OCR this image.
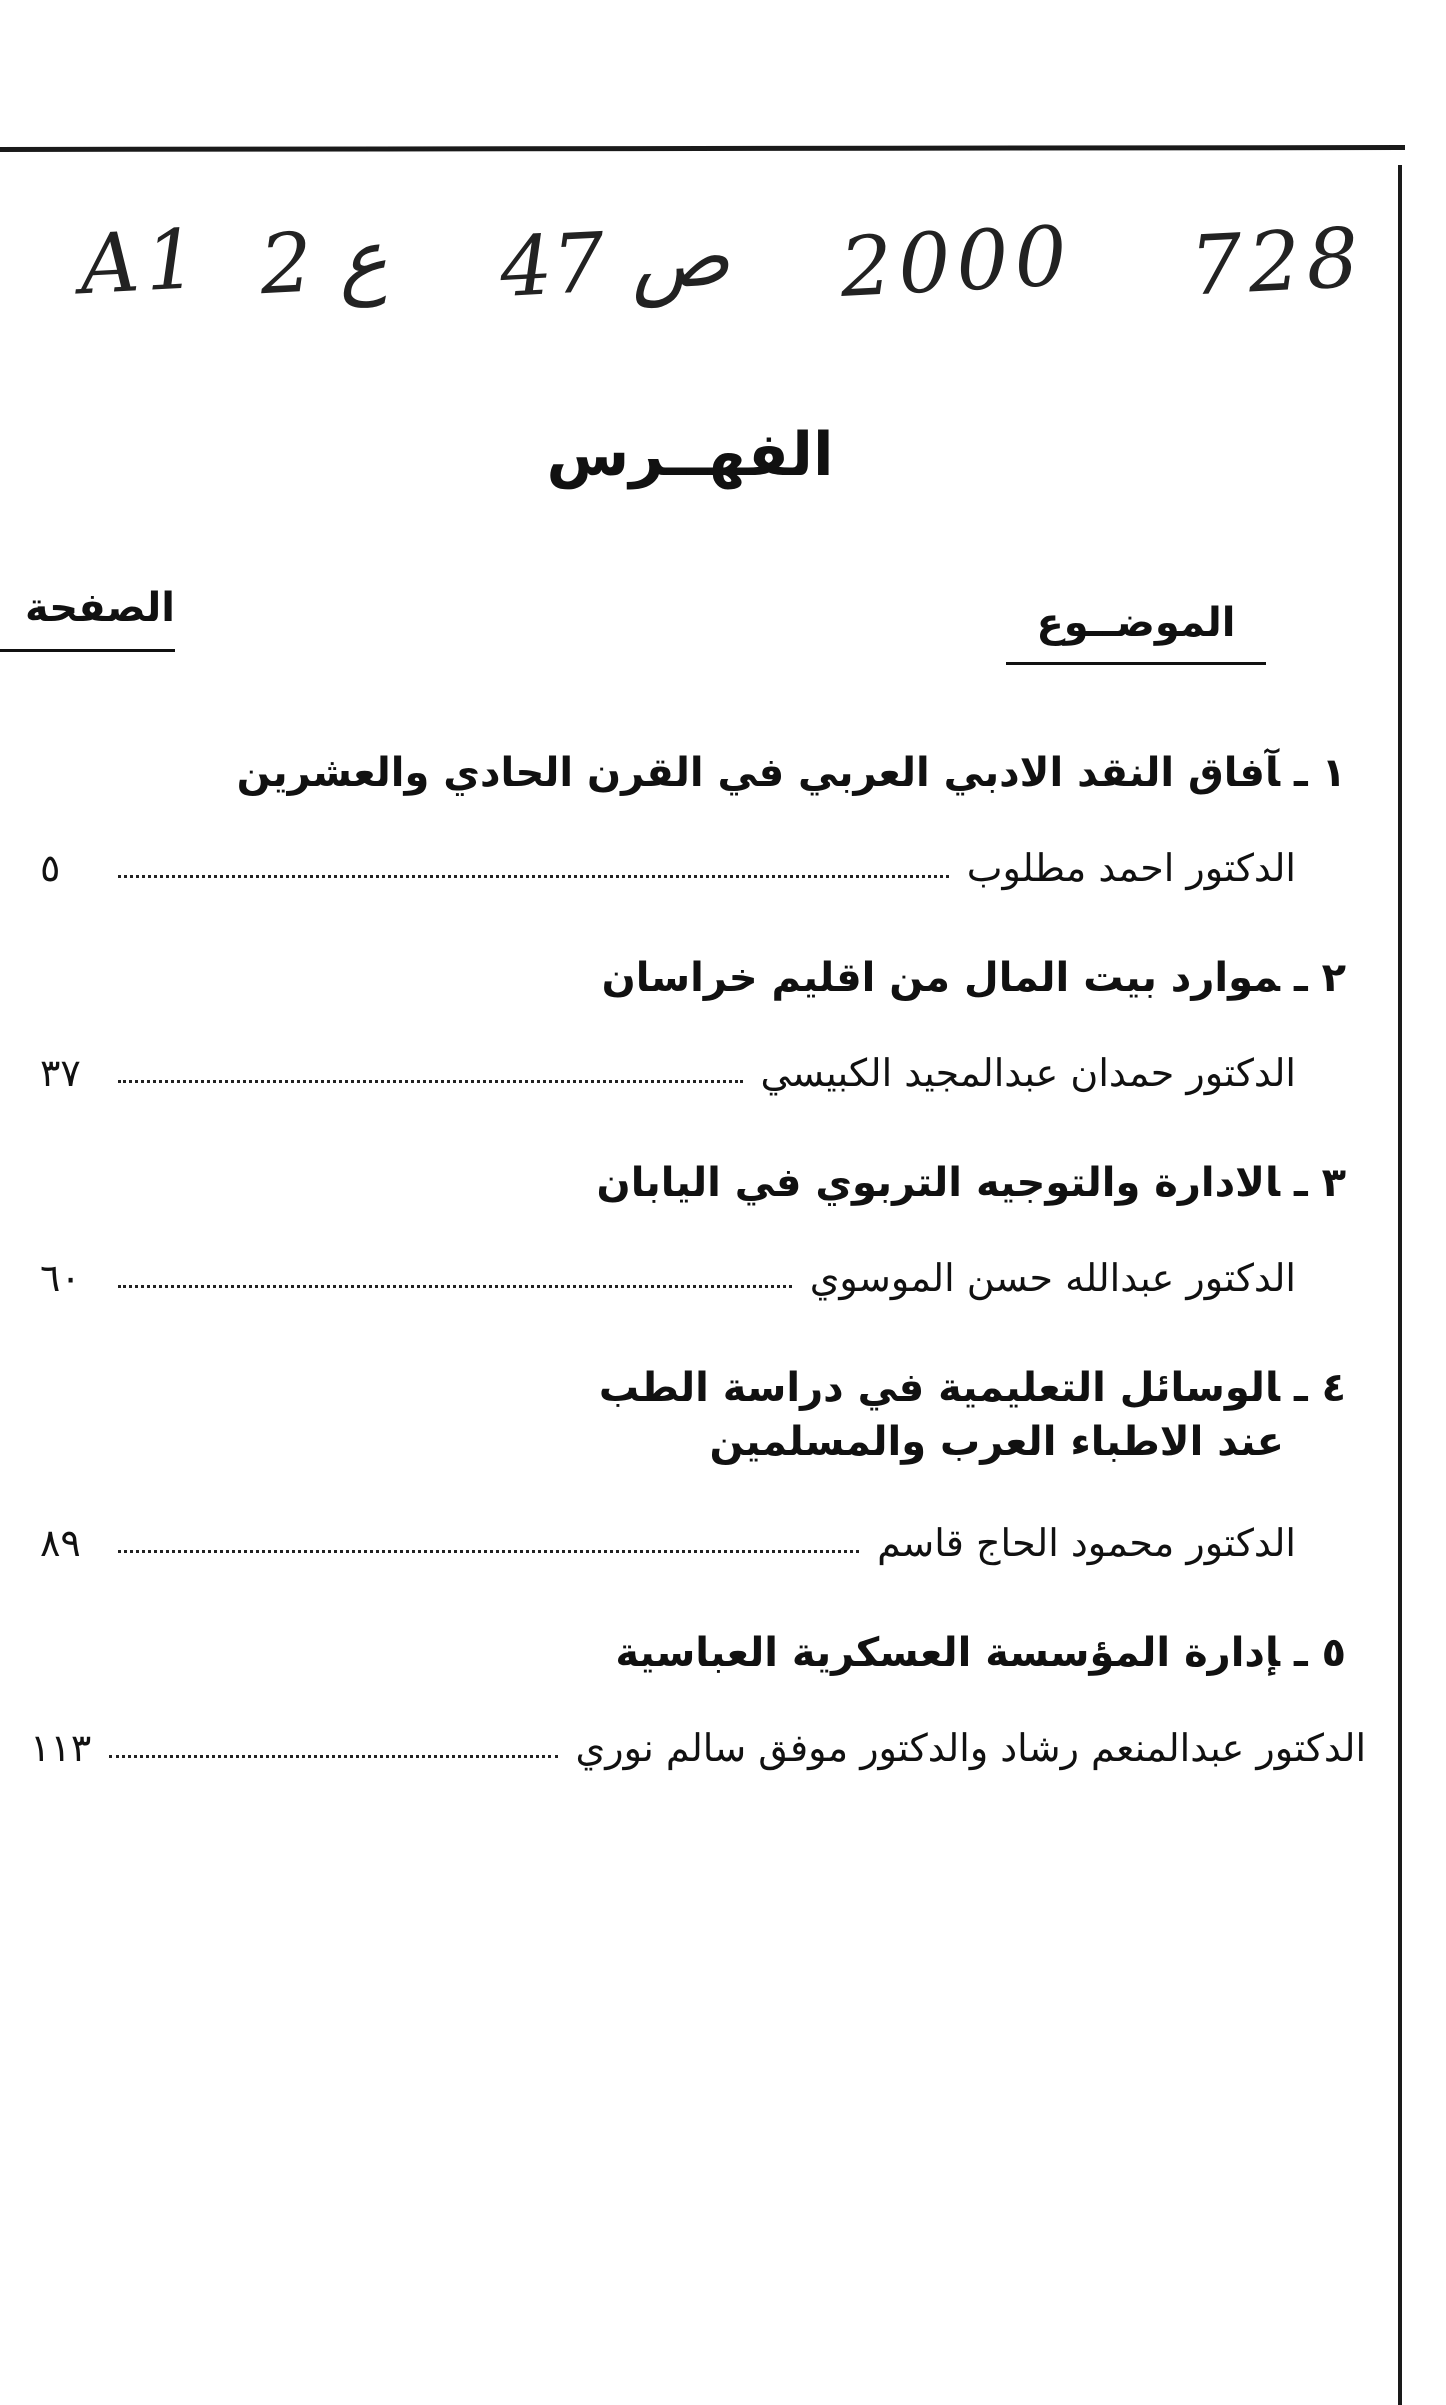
A1 2 ع 47 ص 2000 728
الفهــرس
الموضــوع
الصفحة
١ ـآفاق النقد الادبي العربي في القرن الحادي والعشرين
الدكتور احمد مطلوب
٥
٢ ـموارد بيت المال من اقليم خراسان
الدكتور حمدان عبدالمجيد الكبيسي
٣٧
٣ ـالادارة والتوجيه التربوي في اليابان
الدكتور عبدالله حسن الموسوي
٦٠
٤ ـالوسائل التعليمية في دراسة الطب
عند الاطباء العرب والمسلمين
الدكتور محمود الحاج قاسم
٨٩
٥ ـإدارة المؤسسة العسكرية العباسية
الدكتور عبدالمنعم رشاد والدكتور موفق سالم نوري
١١٣
